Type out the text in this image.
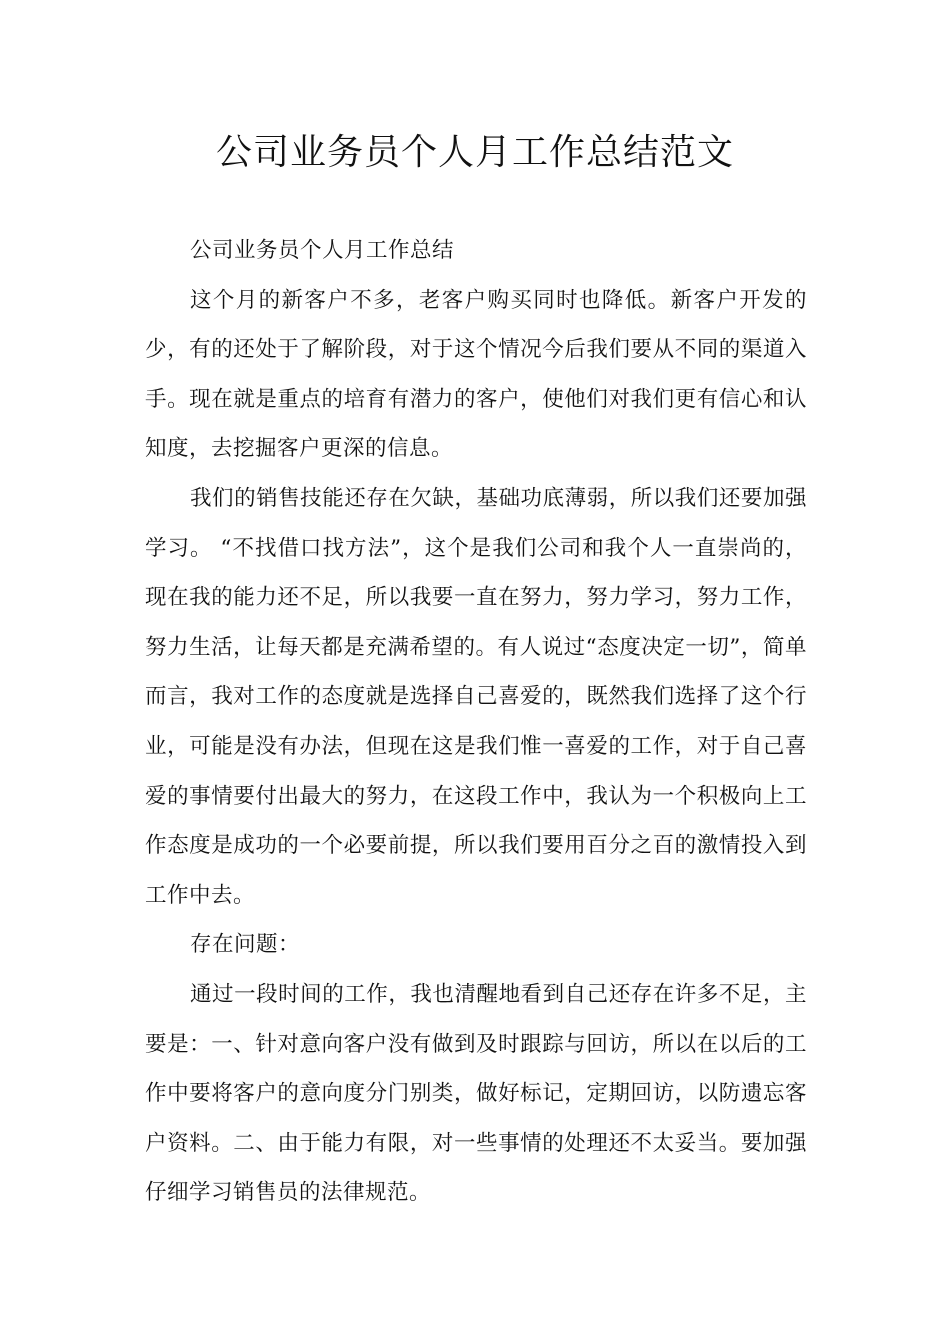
公司业务员个人月工作总结范文

公司业务员个人月工作总结

这个月的新客户不多，老客户购买同时也降低。新客户开发的少，有的还处于了解阶段，对于这个情况今后我们要从不同的渠道入手。现在就是重点的培育有潜力的客户，使他们对我们更有信心和认知度，去挖掘客户更深的信息。

我们的销售技能还存在欠缺，基础功底薄弱，所以我们还要加强学习。 “不找借口找方法”，这个是我们公司和我个人一直崇尚的，现在我的能力还不足，所以我要一直在努力，努力学习，努力工作，努力生活，让每天都是充满希望的。有人说过“态度决定一切”，简单而言，我对工作的态度就是选择自己喜爱的，既然我们选择了这个行业，可能是没有办法，但现在这是我们惟一喜爱的工作，对于自己喜爱的事情要付出最大的努力，在这段工作中，我认为一个积极向上工作态度是成功的一个必要前提，所以我们要用百分之百的激情投入到工作中去。

存在问题：

通过一段时间的工作，我也清醒地看到自己还存在许多不足，主要是：一、针对意向客户没有做到及时跟踪与回访，所以在以后的工作中要将客户的意向度分门别类，做好标记，定期回访，以防遗忘客户资料。二、由于能力有限，对一些事情的处理还不太妥当。要加强仔细学习销售员的法律规范。
